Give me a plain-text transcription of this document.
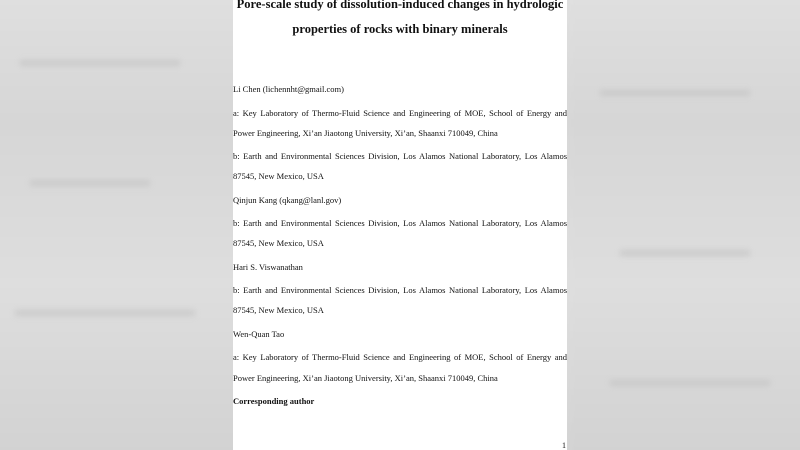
Pore-scale study of dissolution-induced changes in hydrologic
properties of rocks with binary minerals
Li Chen (lichennht@gmail.com)
a: Key Laboratory of Thermo-Fluid Science and Engineering of MOE, School of Energy and
Power Engineering, Xi’an Jiaotong University, Xi’an, Shaanxi 710049, China
b: Earth and Environmental Sciences Division, Los Alamos National Laboratory, Los Alamos
87545, New Mexico, USA
Qinjun Kang (qkang@lanl.gov)
b: Earth and Environmental Sciences Division, Los Alamos National Laboratory, Los Alamos
87545, New Mexico, USA
Hari S. Viswanathan
b: Earth and Environmental Sciences Division, Los Alamos National Laboratory, Los Alamos
87545, New Mexico, USA
Wen-Quan Tao
a: Key Laboratory of Thermo-Fluid Science and Engineering of MOE, School of Energy and
Power Engineering, Xi’an Jiaotong University, Xi’an, Shaanxi 710049, China
Corresponding author
1
